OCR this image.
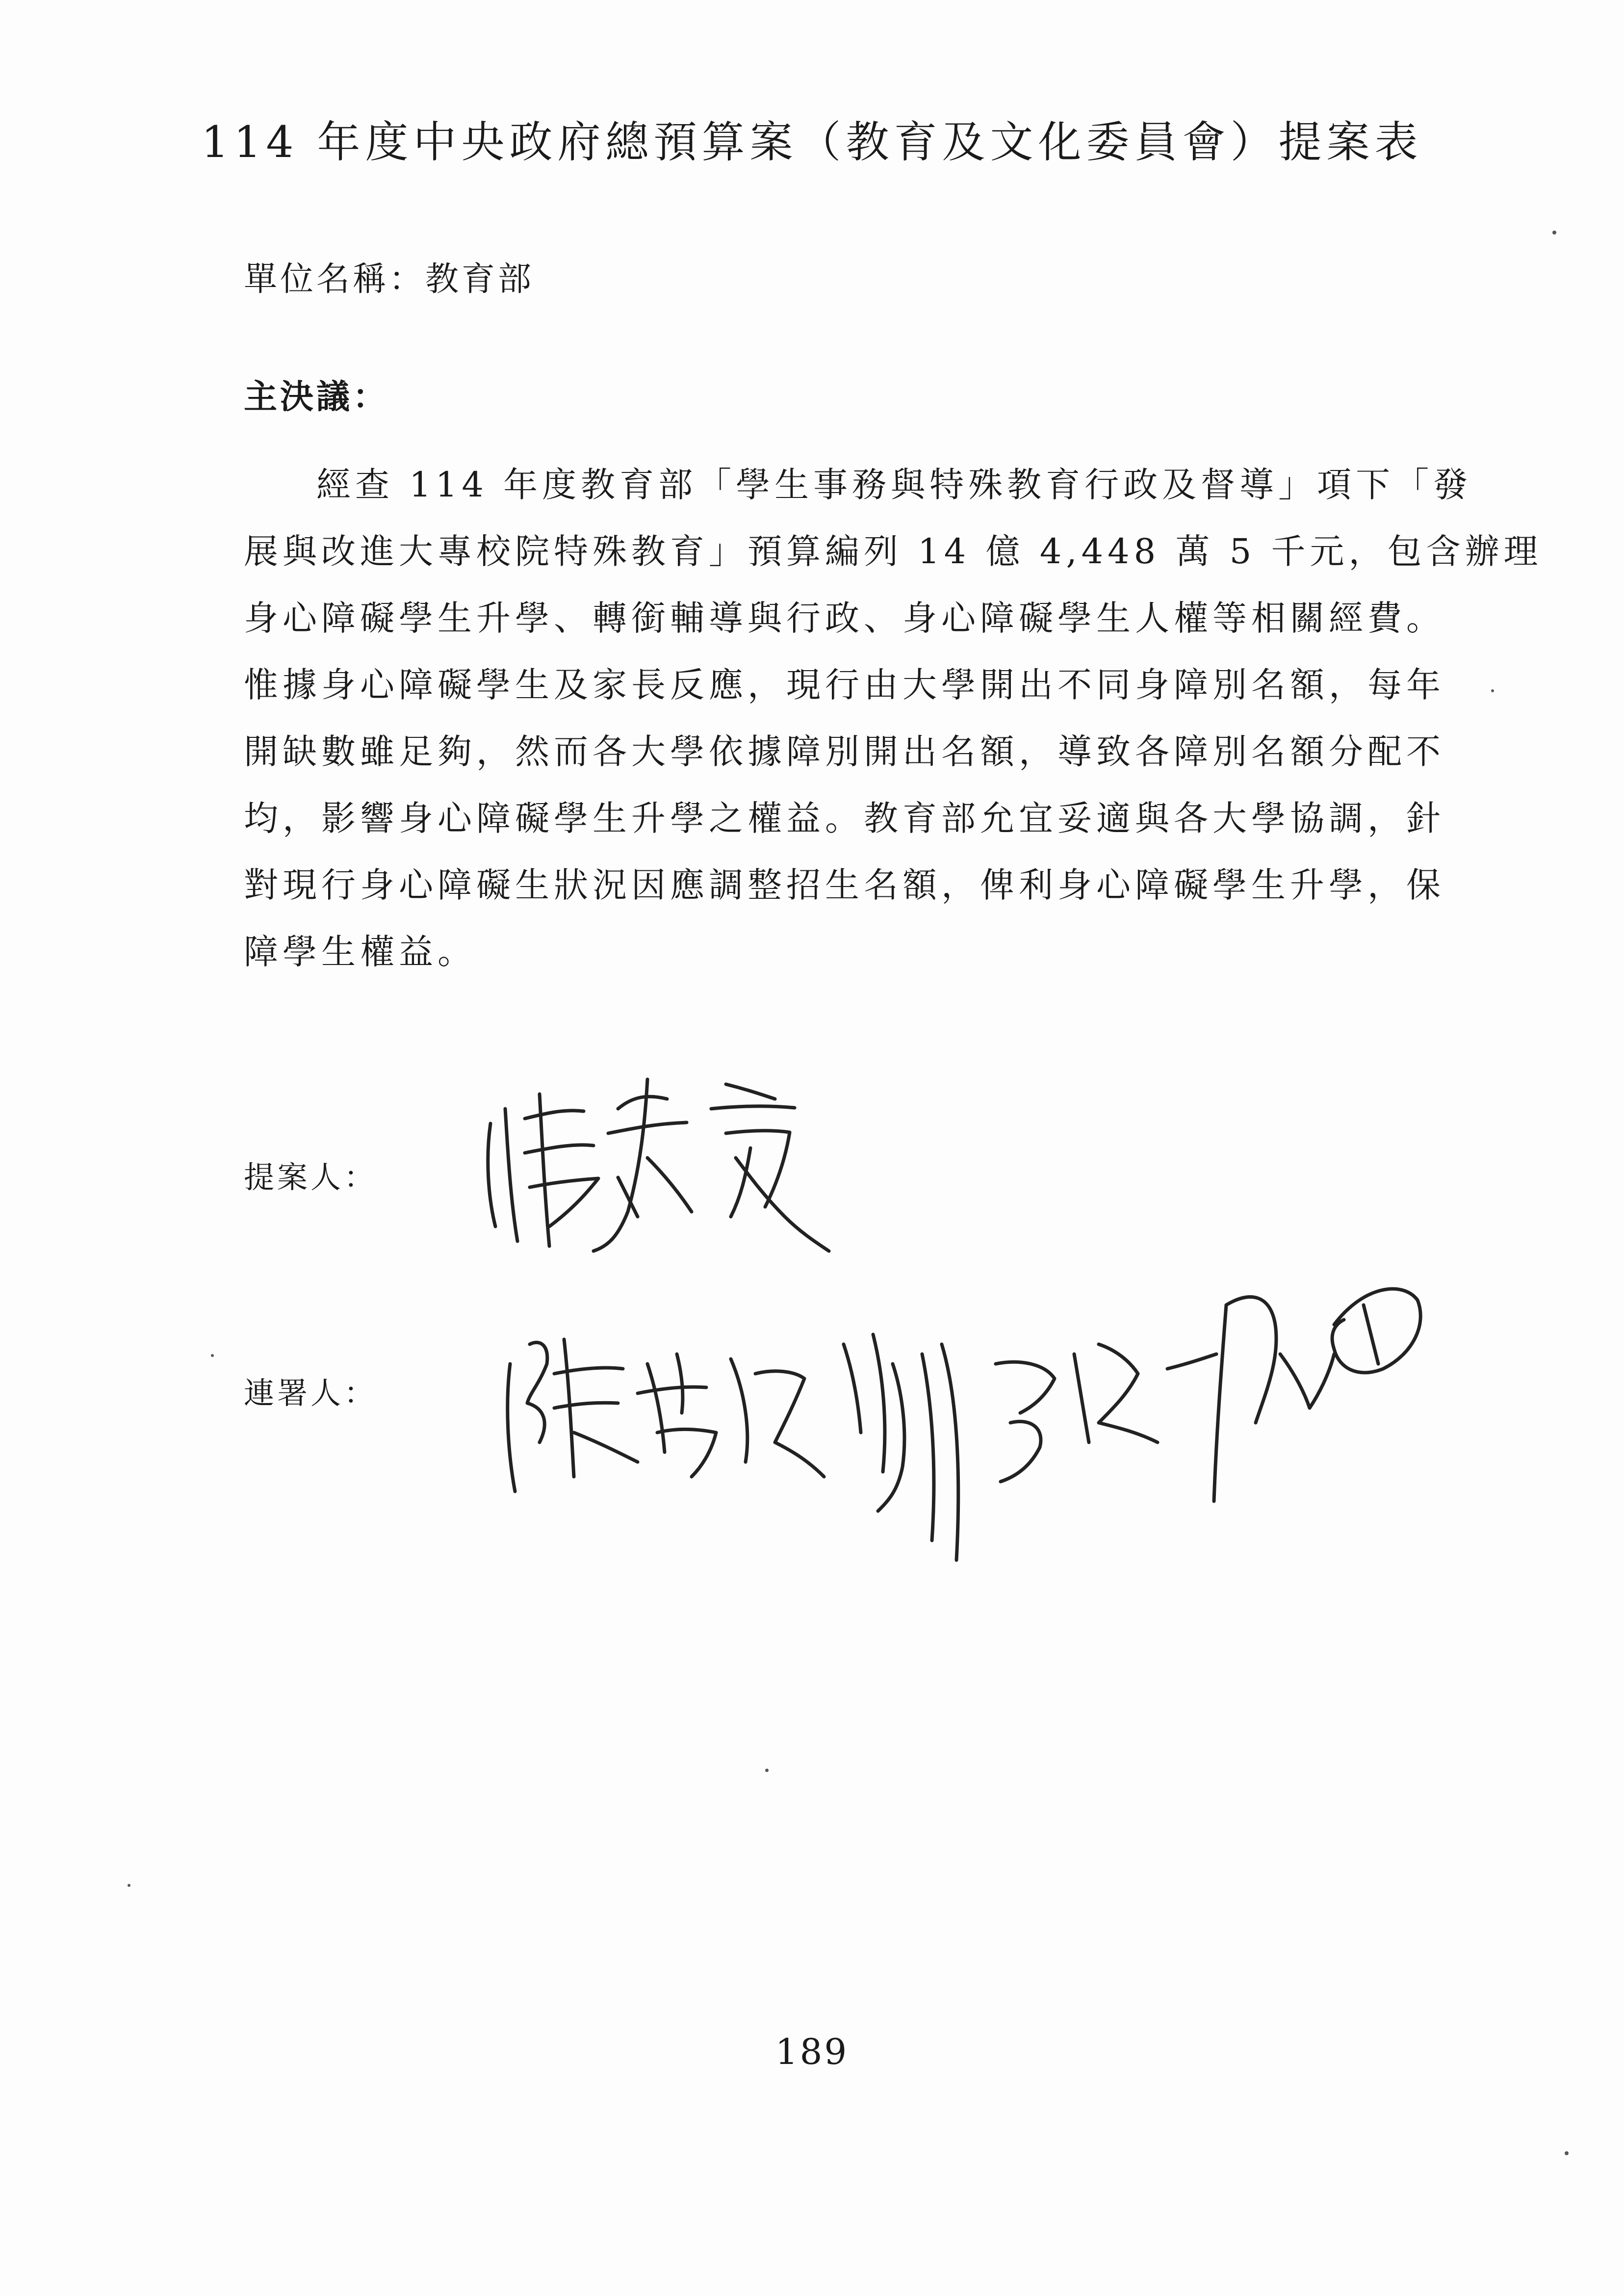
114 年度中央政府總預算案（教育及文化委員會）提案表
單位名稱：教育部
主決議：
經查 114 年度教育部「學生事務與特殊教育行政及督導」項下「發
展與改進大專校院特殊教育」預算編列 14 億 4,448 萬 5 千元，包含辦理
身心障礙學生升學、轉銜輔導與行政、身心障礙學生人權等相關經費。
惟據身心障礙學生及家長反應，現行由大學開出不同身障別名額，每年
開缺數雖足夠，然而各大學依據障別開出名額，導致各障別名額分配不
均，影響身心障礙學生升學之權益。教育部允宜妥適與各大學協調，針
對現行身心障礙生狀況因應調整招生名額，俾利身心障礙學生升學，保
障學生權益。
提案人：
連署人：
189
